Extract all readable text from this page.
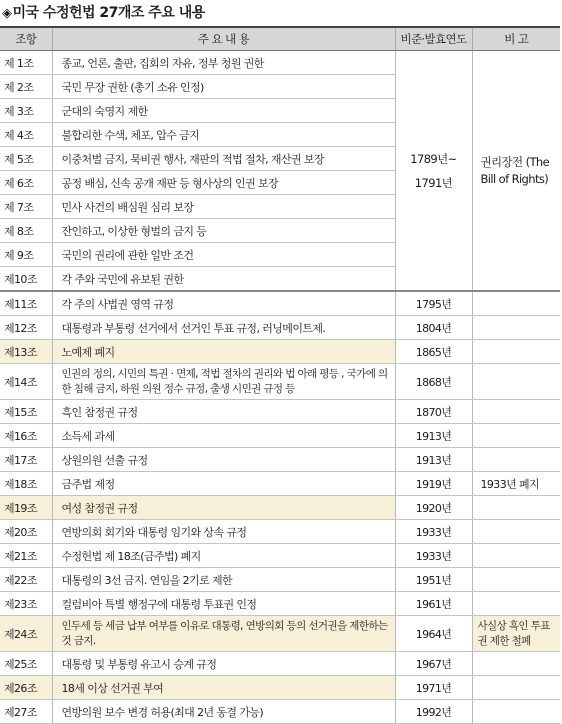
◈미국 수정헌법 27개조 주요 내용
조항	주 요 내 용	비준·발효연도	비 고
제 1조	종교, 언론, 출판, 집회의 자유, 정부 청원 권한	1789년~ 1791년	권리장전 (The Bill of Rights)
제 2조	국민 무장 권한 (총기 소유 인정)		
제 3조	군대의 숙영지 제한		
제 4조	불합리한 수색, 체포, 압수 금지		
제 5조	이중처벌 금지, 묵비권 행사, 재판의 적법 절차, 재산권 보장		
제 6조	공정 배심, 신속 공개 재판 등 형사상의 인권 보장		
제 7조	민사 사건의 배심원 심리 보장		
제 8조	잔인하고, 이상한 형벌의 금지 등		
제 9조	국민의 권리에 관한 일반 조건		
제10조	각 주와 국민에 유보된 권한		
제11조	각 주의 사법권 영역 규정	1795년	
제12조	대통령과 부통령 선거에서 선거인 투표 규정, 러닝메이트제.	1804년	
제13조	노예제 폐지	1865년	
제14조	인권의 정의, 시민의 특권 · 면제, 적법 절차의 권리와 법 아래 평등 , 국가에 의한 침해 금지, 하원 의원 정수 규정, 출생 시민권 규정 등	1868년	
제15조	흑인 참정권 규정	1870년	
제16조	소득세 과세	1913년	
제17조	상원의원 선출 규정	1913년	
제18조	금주법 제정	1919년	1933년 폐지
제19조	여성 참정권 규정	1920년	
제20조	연방의회 회기와 대통령 임기와 상속 규정	1933년	
제21조	수정헌법 제 18조(금주법) 폐지	1933년	
제22조	대통령의 3선 금지. 연임을 2기로 제한	1951년	
제23조	컬럼비아 특별 행정구에 대통령 투표권 인정	1961년	
제24조	인두세 등 세금 납부 여부를 이유로 대통령, 연방의회 등의 선거권을 제한하는 것 금지.	1964년	사실상 흑인 투표권 제한 철폐
제25조	대통령 및 부통령 유고시 승계 규정	1967년	
제26조	18세 이상 선거권 부여	1971년	
제27조	연방의원 보수 변경 허용(최대 2년 동결 가능)	1992년	
